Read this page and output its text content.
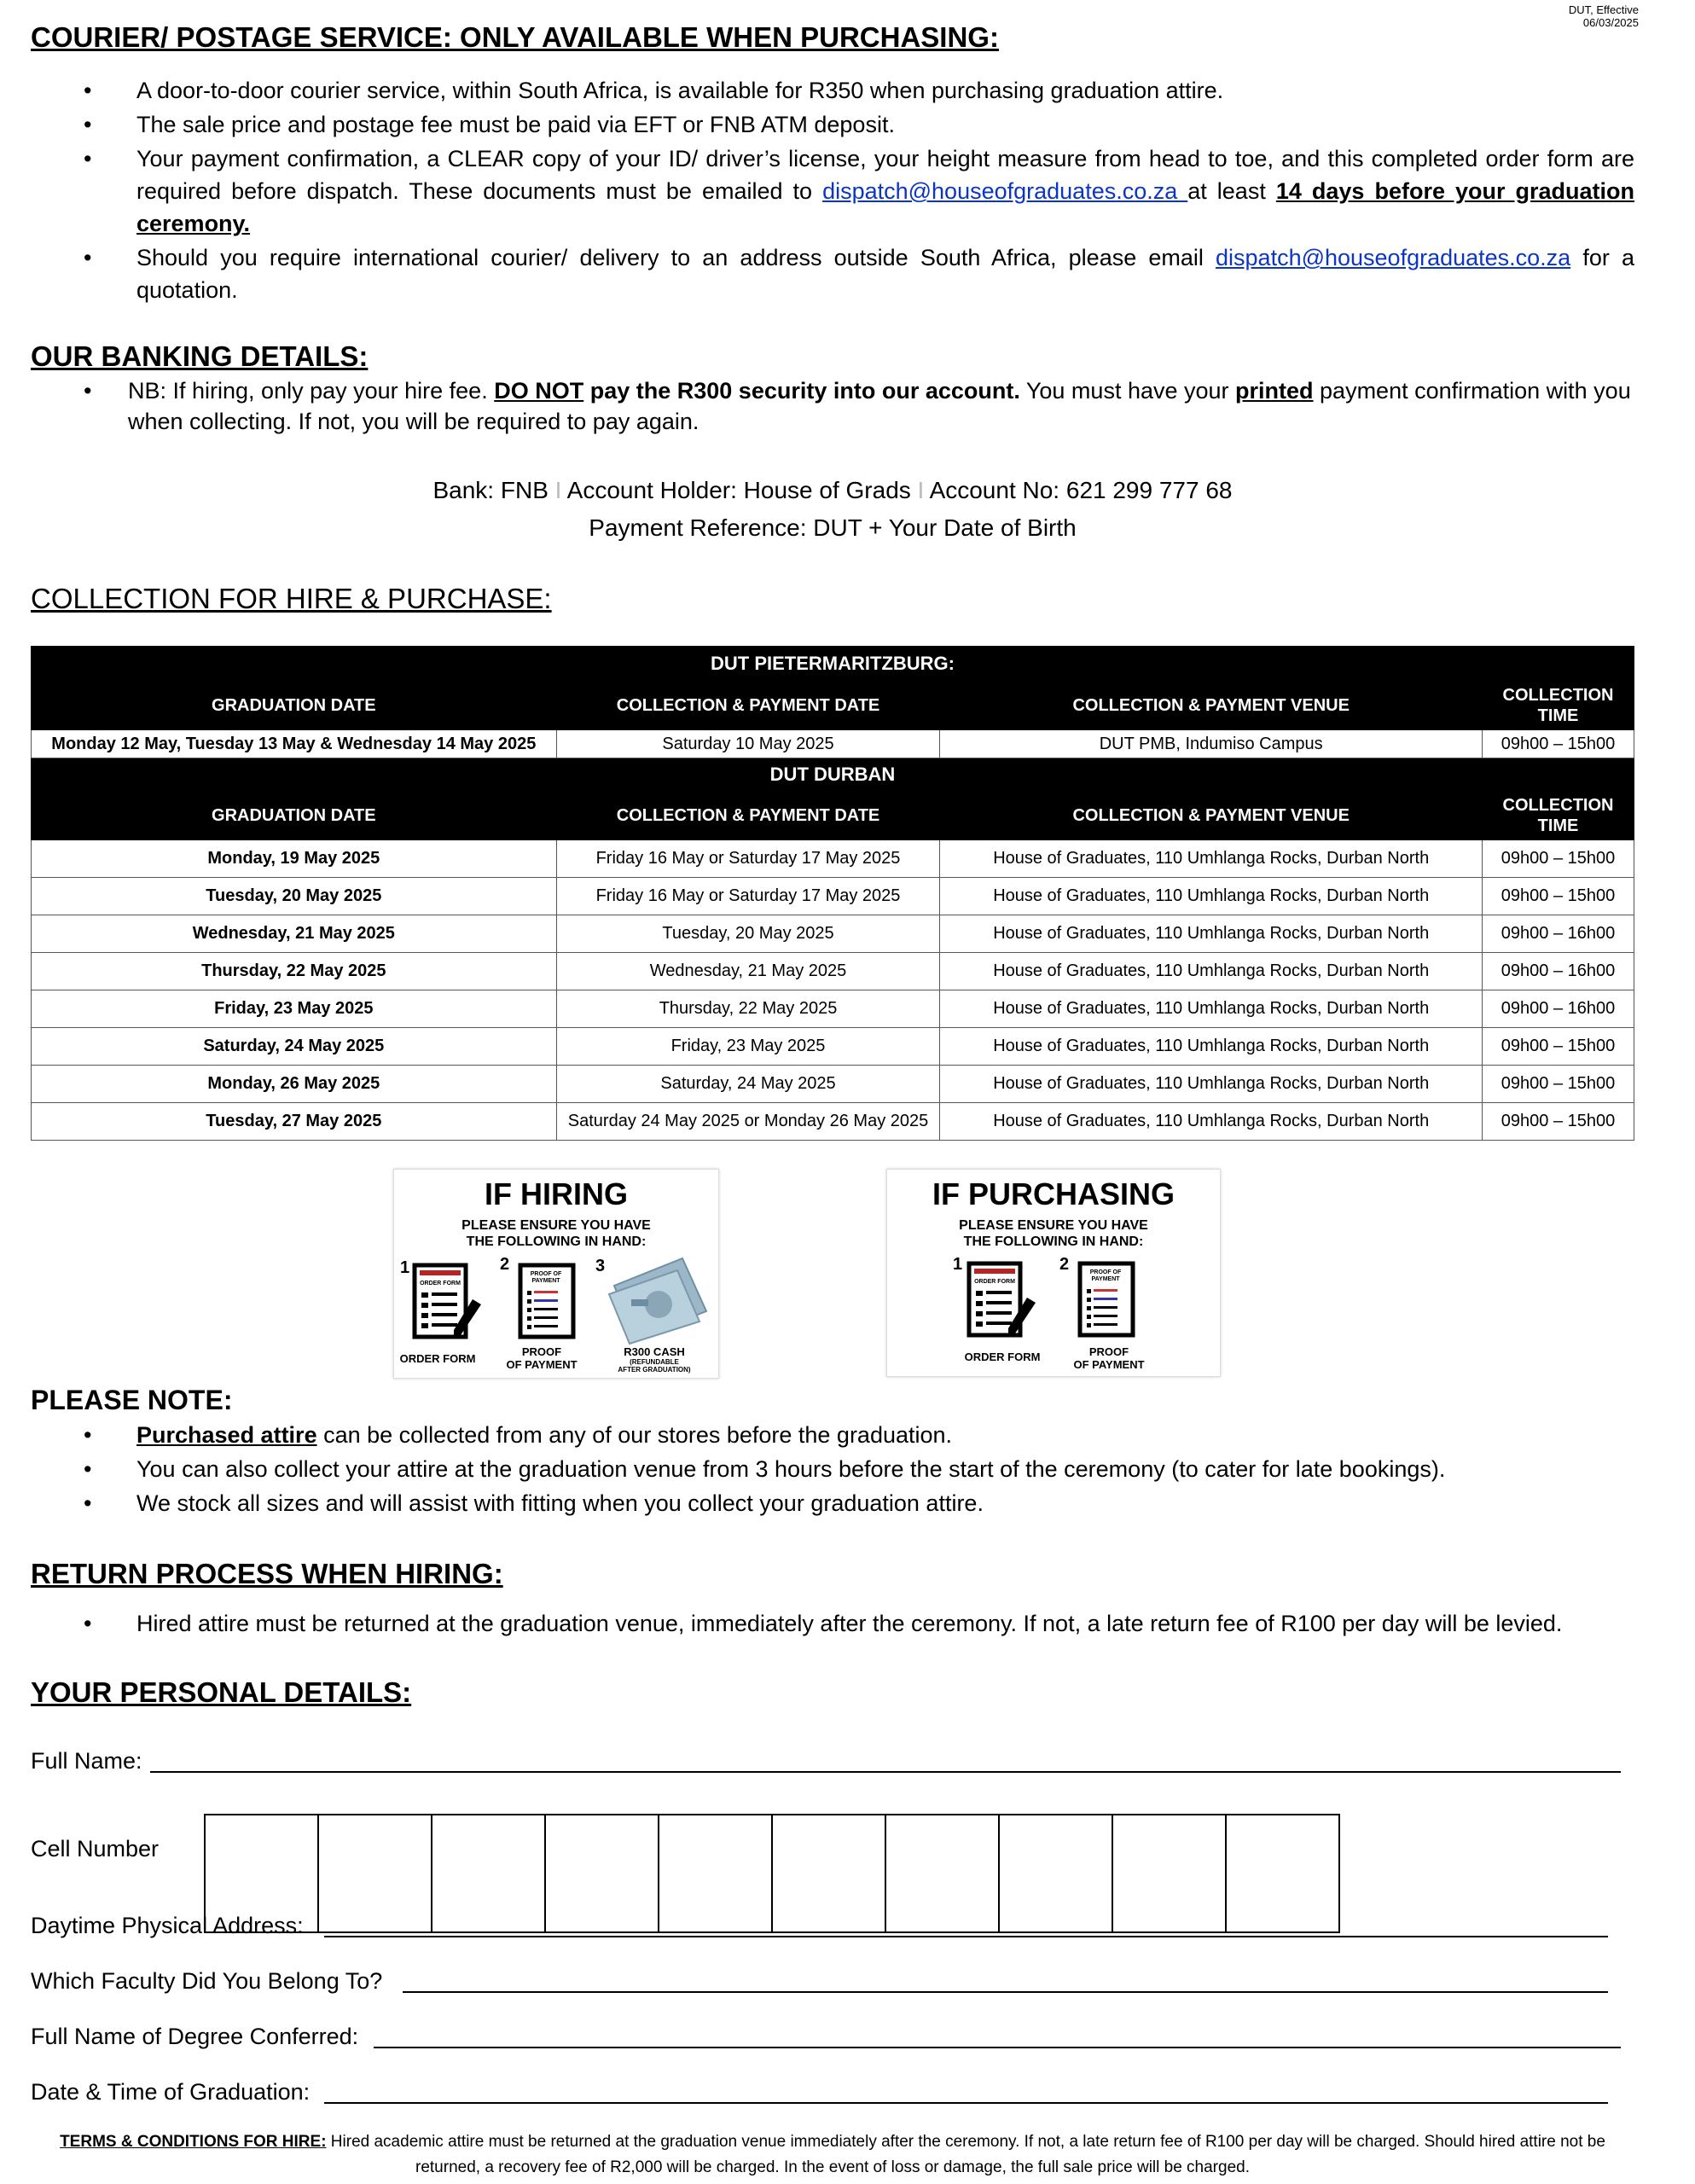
DUT, Effective
06/03/2025
COURIER/ POSTAGE SERVICE: ONLY AVAILABLE WHEN PURCHASING:
• A door-to-door courier service, within South Africa, is available for R350 when purchasing graduation attire.
• The sale price and postage fee must be paid via EFT or FNB ATM deposit.
• Your payment confirmation, a CLEAR copy of your ID/ driver’s license, your height measure from head to toe, and this completed order form are required before dispatch. These documents must be emailed to dispatch@houseofgraduates.co.za at least 14 days before your graduation ceremony.
• Should you require international courier/ delivery to an address outside South Africa, please email dispatch@houseofgraduates.co.za for a quotation.
OUR BANKING DETAILS:
• NB: If hiring, only pay your hire fee. DO NOT pay the R300 security into our account. You must have your printed payment confirmation with you when collecting. If not, you will be required to pay again.
Bank: FNB I Account Holder: House of Grads I Account No: 621 299 777 68
Payment Reference: DUT + Your Date of Birth
COLLECTION FOR HIRE & PURCHASE:
DUT PIETERMARITZBURG:			
GRADUATION DATE	COLLECTION & PAYMENT DATE	COLLECTION & PAYMENT VENUE	COLLECTION TIME
Monday 12 May, Tuesday 13 May & Wednesday 14 May 2025	Saturday 10 May 2025	DUT PMB, Indumiso Campus	09h00 – 15h00
DUT DURBAN			
GRADUATION DATE	COLLECTION & PAYMENT DATE	COLLECTION & PAYMENT VENUE	COLLECTION TIME
Monday, 19 May 2025	Friday 16 May or Saturday 17 May 2025	House of Graduates, 110 Umhlanga Rocks, Durban North	09h00 – 15h00
Tuesday, 20 May 2025	Friday 16 May or Saturday 17 May 2025	House of Graduates, 110 Umhlanga Rocks, Durban North	09h00 – 15h00
Wednesday, 21 May 2025	Tuesday, 20 May 2025	House of Graduates, 110 Umhlanga Rocks, Durban North	09h00 – 16h00
Thursday, 22 May 2025	Wednesday, 21 May 2025	House of Graduates, 110 Umhlanga Rocks, Durban North	09h00 – 16h00
Friday, 23 May 2025	Thursday, 22 May 2025	House of Graduates, 110 Umhlanga Rocks, Durban North	09h00 – 16h00
Saturday, 24 May 2025	Friday, 23 May 2025	House of Graduates, 110 Umhlanga Rocks, Durban North	09h00 – 15h00
Monday, 26 May 2025	Saturday, 24 May 2025	House of Graduates, 110 Umhlanga Rocks, Durban North	09h00 – 15h00
Tuesday, 27 May 2025	Saturday 24 May 2025 or Monday 26 May 2025	House of Graduates, 110 Umhlanga Rocks, Durban North	09h00 – 15h00
IF HIRING
PLEASE ENSURE YOU HAVE
THE FOLLOWING IN HAND:
1	2	3
ORDER FORM
PROOF OF
PAYMENT
ORDER FORM
PROOF
OF PAYMENT
R300 CASH
(REFUNDABLE
AFTER GRADUATION)
IF PURCHASING
PLEASE ENSURE YOU HAVE
THE FOLLOWING IN HAND:
1	2
ORDER FORM
PROOF OF
PAYMENT
ORDER FORM	PROOF
OF PAYMENT
PLEASE NOTE:
• Purchased attire can be collected from any of our stores before the graduation.
• You can also collect your attire at the graduation venue from 3 hours before the start of the ceremony (to cater for late bookings).
• We stock all sizes and will assist with fitting when you collect your graduation attire.
RETURN PROCESS WHEN HIRING:
• Hired attire must be returned at the graduation venue, immediately after the ceremony. If not, a late return fee of R100 per day will be levied.
YOUR PERSONAL DETAILS:
Full Name:
Cell Number
Daytime Physical Address:
Which Faculty Did You Belong To?
Full Name of Degree Conferred:
Date & Time of Graduation:
TERMS & CONDITIONS FOR HIRE: Hired academic attire must be returned at the graduation venue immediately after the ceremony. If not, a late return fee of R100 per day will be charged. Should hired attire not be returned, a recovery fee of R2,000 will be charged. In the event of loss or damage, the full sale price will be charged.
